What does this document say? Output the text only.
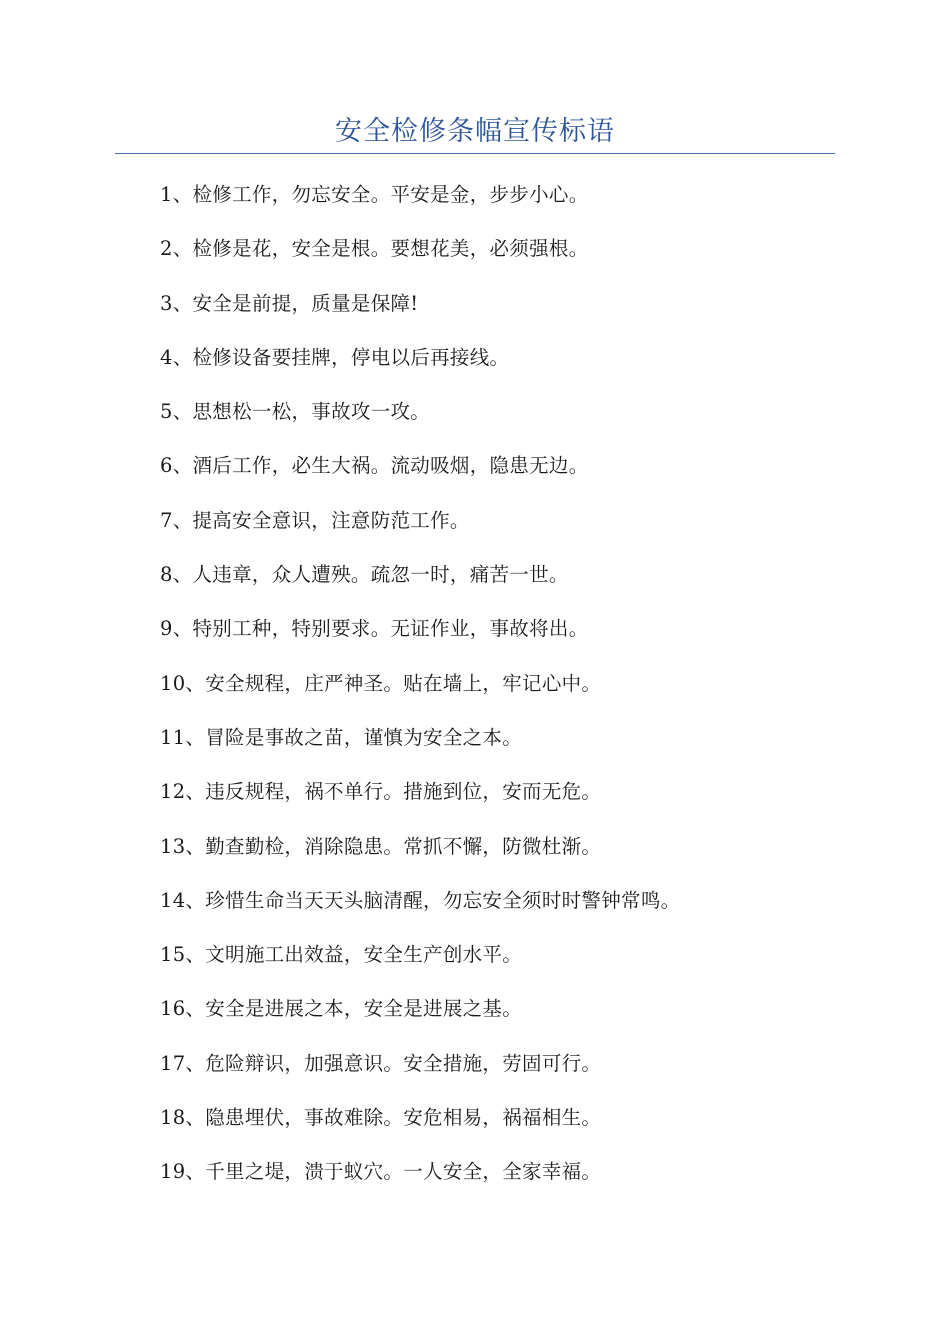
安全检修条幅宣传标语
1、检修工作，勿忘安全。平安是金，步步小心。
2、检修是花，安全是根。要想花美，必须强根。
3、安全是前提，质量是保障!
4、检修设备要挂牌，停电以后再接线。
5、思想松一松，事故攻一攻。
6、酒后工作，必生大祸。流动吸烟，隐患无边。
7、提高安全意识，注意防范工作。
8、人违章，众人遭殃。疏忽一时，痛苦一世。
9、特别工种，特别要求。无证作业，事故将出。
10、安全规程，庄严神圣。贴在墙上，牢记心中。
11、冒险是事故之苗，谨慎为安全之本。
12、违反规程，祸不单行。措施到位，安而无危。
13、勤查勤检，消除隐患。常抓不懈，防微杜渐。
14、珍惜生命当天天头脑清醒，勿忘安全须时时警钟常鸣。
15、文明施工出效益，安全生产创水平。
16、安全是进展之本，安全是进展之基。
17、危险辩识，加强意识。安全措施，劳固可行。
18、隐患埋伏，事故难除。安危相易，祸福相生。
19、千里之堤，溃于蚁穴。一人安全，全家幸福。
